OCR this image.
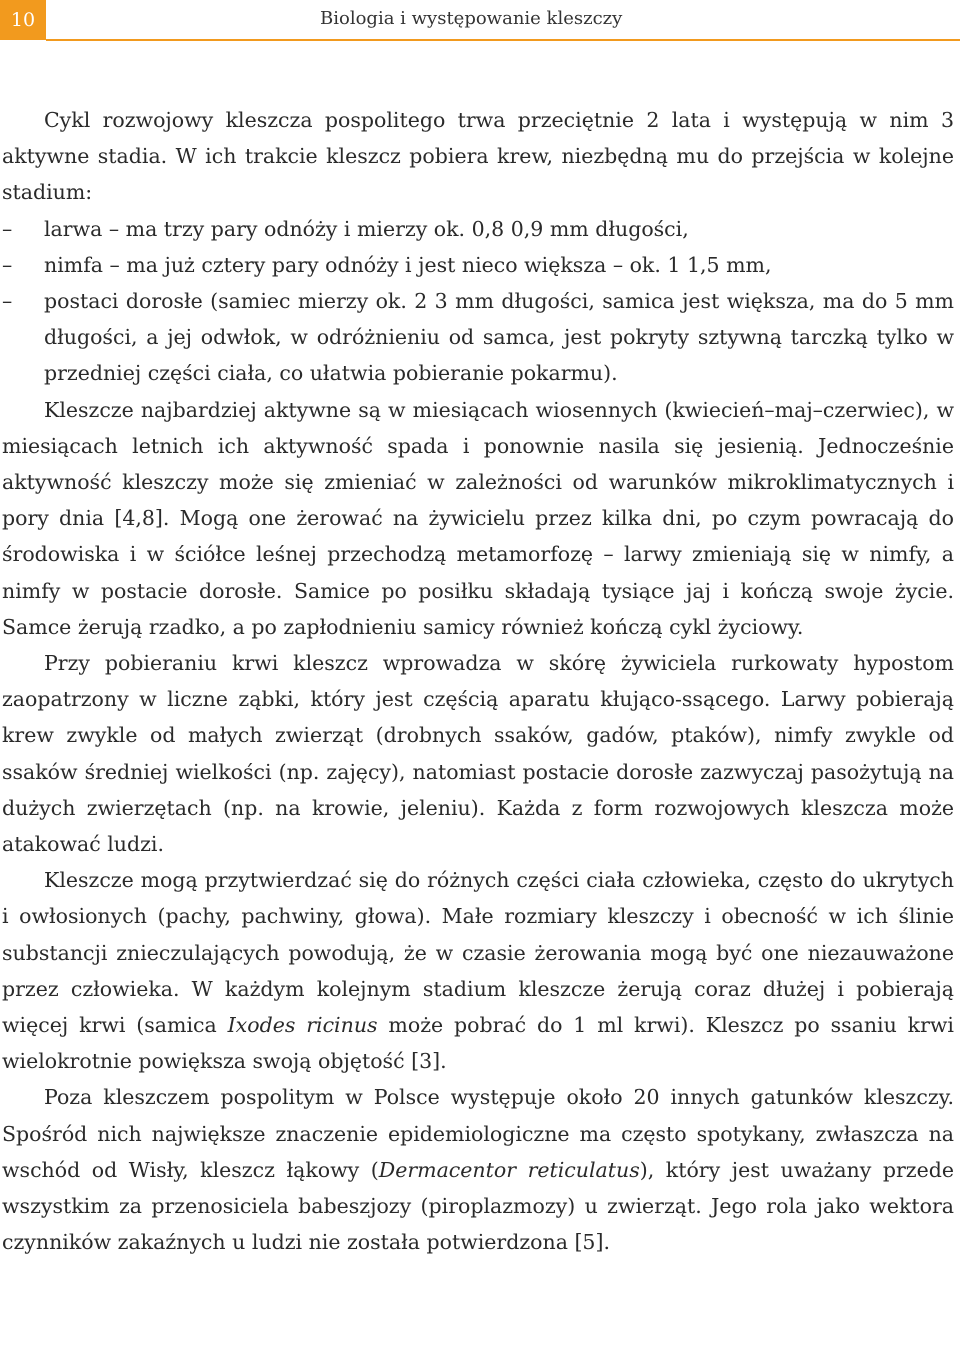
10	Biologia i występowanie kleszczy

Cykl rozwojowy kleszcza pospolitego trwa przeciętnie 2 lata i występują w nim 3 aktywne stadia. W ich trakcie kleszcz pobiera krew, niezbędną mu do przejścia w kolejne stadium:

– larwa – ma trzy pary odnóży i mierzy ok. 0,8 0,9 mm długości,
– nimfa – ma już cztery pary odnóży i jest nieco większa – ok. 1 1,5 mm,
– postaci dorosłe (samiec mierzy ok. 2 3 mm długości, samica jest większa, ma do 5 mm długości, a jej odwłok, w odróżnieniu od samca, jest pokryty sztywną tarczką tylko w przedniej części ciała, co ułatwia pobieranie pokarmu).

Kleszcze najbardziej aktywne są w miesiącach wiosennych (kwiecień–maj–czerwiec), w miesiącach letnich ich aktywność spada i ponownie nasila się jesienią. Jednocześnie aktywność kleszczy może się zmieniać w zależności od warunków mikroklimatycznych i pory dnia [4,8]. Mogą one żerować na żywicielu przez kilka dni, po czym powracają do środowiska i w ściółce leśnej przechodzą metamorfozę – larwy zmieniają się w nimfy, a nimfy w postacie dorosłe. Samice po posiłku składają tysiące jaj i kończą swoje życie. Samce żerują rzadko, a po zapłodnieniu samicy również kończą cykl życiowy.

Przy pobieraniu krwi kleszcz wprowadza w skórę żywiciela rurkowaty hypostom zaopatrzony w liczne ząbki, który jest częścią aparatu kłująco-ssącego. Larwy pobierają krew zwykle od małych zwierząt (drobnych ssaków, gadów, ptaków), nimfy zwykle od ssaków średniej wielkości (np. zajęcy), natomiast postacie dorosłe zazwyczaj pasożytują na dużych zwierzętach (np. na krowie, jeleniu). Każda z form rozwojowych kleszcza może atakować ludzi.

Kleszcze mogą przytwierdzać się do różnych części ciała człowieka, często do ukrytych i owłosionych (pachy, pachwiny, głowa). Małe rozmiary kleszczy i obecność w ich ślinie substancji znieczulających powodują, że w czasie żerowania mogą być one niezauważone przez człowieka. W każdym kolejnym stadium kleszcze żerują coraz dłużej i pobierają więcej krwi (samica Ixodes ricinus może pobrać do 1 ml krwi). Kleszcz po ssaniu krwi wielokrotnie powiększa swoją objętość [3].

Poza kleszczem pospolitym w Polsce występuje około 20 innych gatunków kleszczy. Spośród nich największe znaczenie epidemiologiczne ma często spotykany, zwłaszcza na wschód od Wisły, kleszcz łąkowy (Dermacentor reticulatus), który jest uważany przede wszystkim za przenosiciela babeszjozy (piroplazmozy) u zwierząt. Jego rola jako wektora czynników zakaźnych u ludzi nie została potwierdzona [5].
